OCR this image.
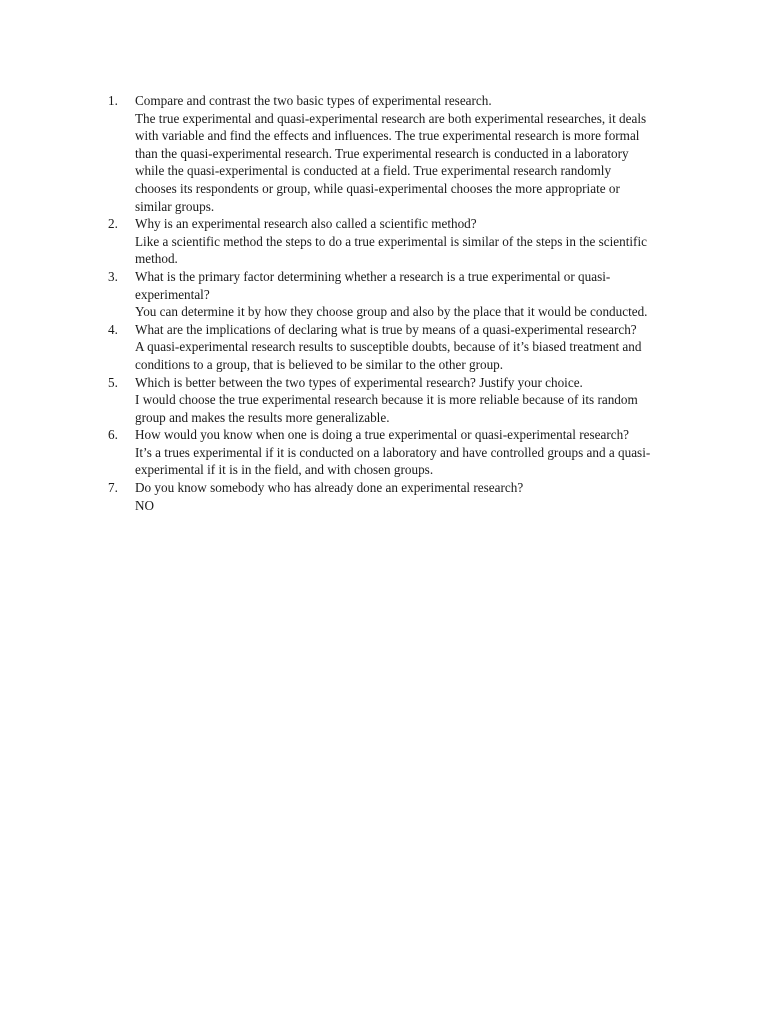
1.	Compare and contrast the two basic types of experimental research.
The true experimental and quasi-experimental research are both experimental researches, it deals
with variable and find the effects and influences. The true experimental research is more formal
than the quasi-experimental research. True experimental research is conducted in a laboratory
while the quasi-experimental is conducted at a field. True experimental research randomly
chooses its respondents or group, while quasi-experimental chooses the more appropriate or
similar groups.
2.	Why is an experimental research also called a scientific method?
Like a scientific method the steps to do a true experimental is similar of the steps in the scientific
method.
3.	What is the primary factor determining whether a research is a true experimental or quasi-
experimental?
You can determine it by how they choose group and also by the place that it would be conducted.
4.	What are the implications of declaring what is true by means of a quasi-experimental research?
A quasi-experimental research results to susceptible doubts, because of it’s biased treatment and
conditions to a group, that is believed to be similar to the other group.
5.	Which is better between the two types of experimental research? Justify your choice.
I would choose the true experimental research because it is more reliable because of its random
group and makes the results more generalizable.
6.	How would you know when one is doing a true experimental or quasi-experimental research?
It’s a trues experimental if it is conducted on a laboratory and have controlled groups and a quasi-
experimental if it is in the field, and with chosen groups.
7.	Do you know somebody who has already done an experimental research?
NO
